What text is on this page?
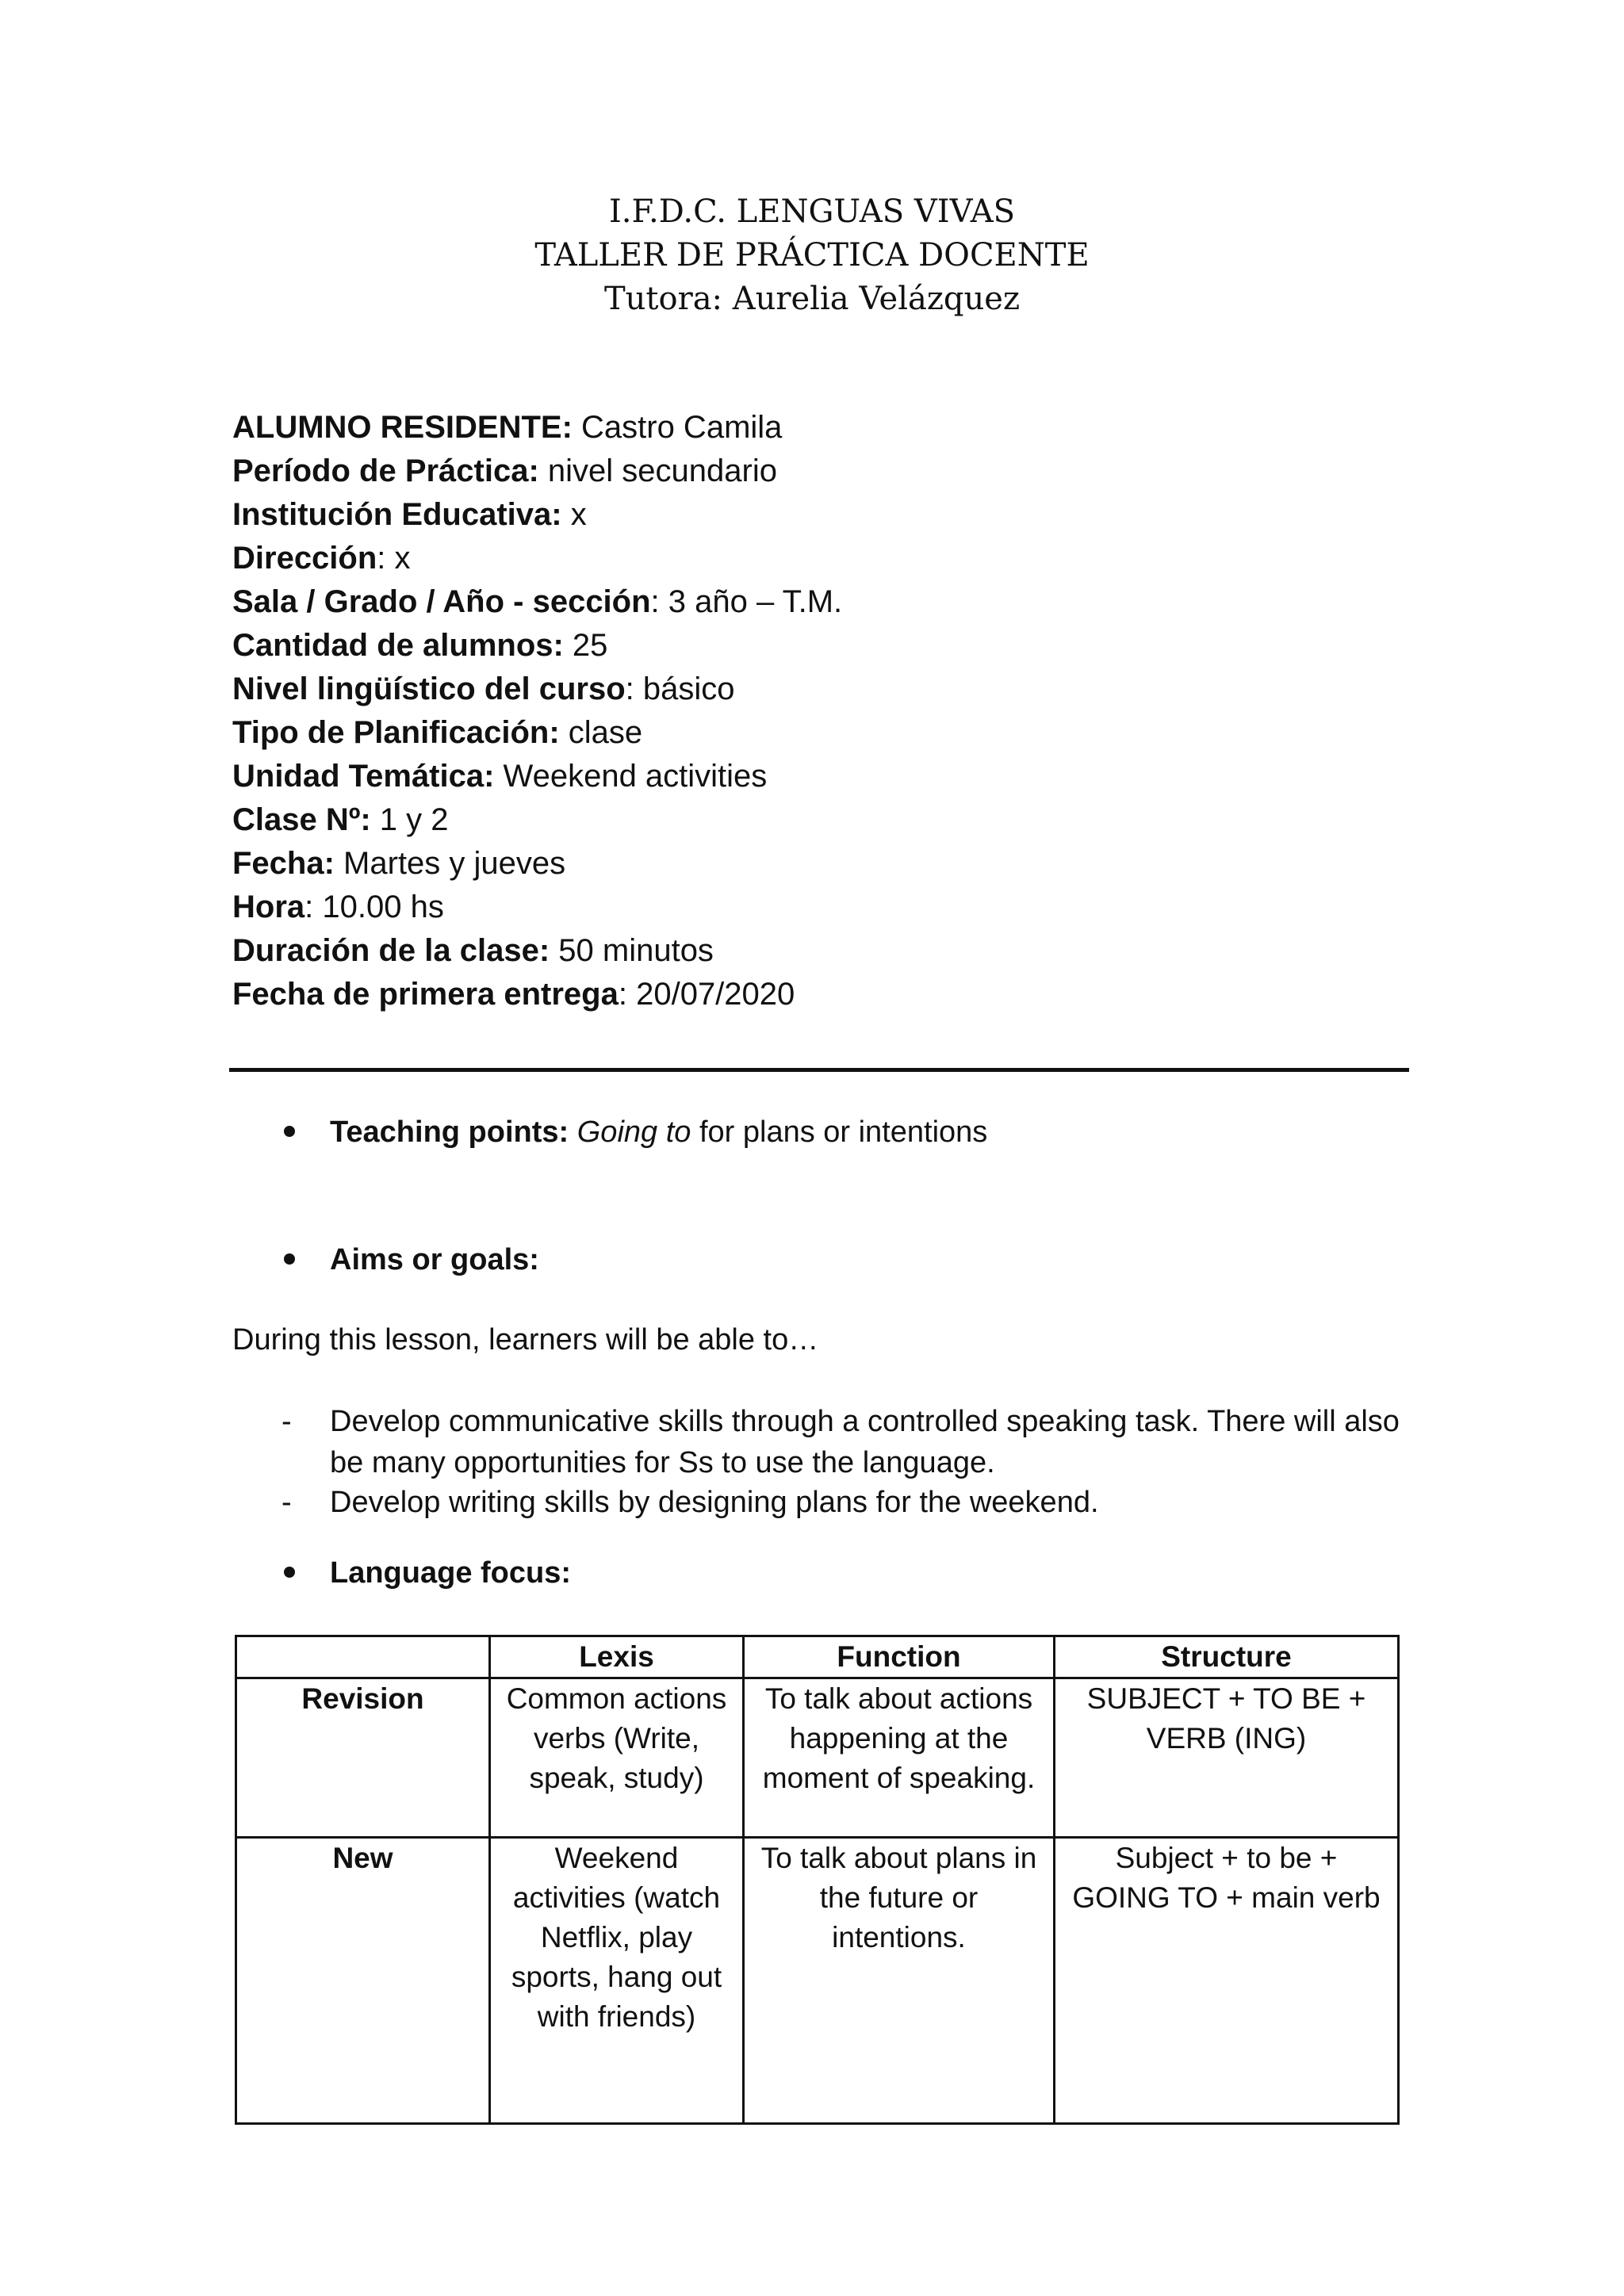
I.F.D.C. LENGUAS VIVAS
TALLER DE PRÁCTICA DOCENTE
Tutora: Aurelia Velázquez
ALUMNO RESIDENTE: Castro Camila
Período de Práctica: nivel secundario
Institución Educativa: x
Dirección: x
Sala / Grado / Año - sección: 3 año – T.M.
Cantidad de alumnos: 25
Nivel lingüístico del curso: básico
Tipo de Planificación: clase
Unidad Temática: Weekend activities
Clase Nº: 1 y 2
Fecha: Martes y jueves
Hora: 10.00 hs
Duración de la clase: 50 minutos
Fecha de primera entrega: 20/07/2020
Teaching points: Going to for plans or intentions
Aims or goals:
During this lesson, learners will be able to…
- Develop communicative skills through a controlled speaking task. There will also be many opportunities for Ss to use the language.
- Develop writing skills by designing plans for the weekend.
Language focus:
	Lexis	Function	Structure
Revision	Common actions verbs (Write, speak, study)	To talk about actions happening at the moment of speaking.	SUBJECT + TO BE + VERB (ING)
New	Weekend activities (watch Netflix, play sports, hang out with friends)	To talk about plans in the future or intentions.	Subject + to be + GOING TO + main verb
